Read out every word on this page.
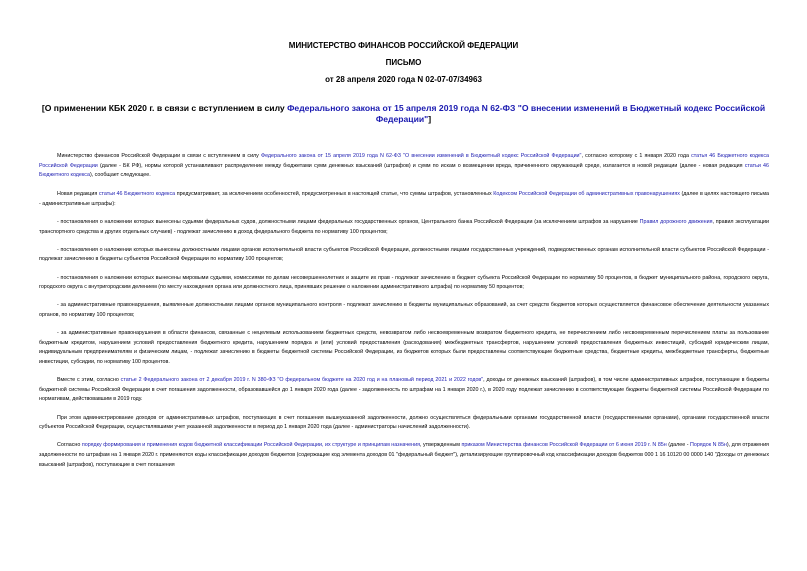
МИНИСТЕРСТВО ФИНАНСОВ РОССИЙСКОЙ ФЕДЕРАЦИИ
ПИСЬМО
от 28 апреля 2020 года N 02-07-07/34963
[О применении КБК 2020 г. в связи с вступлением в силу Федерального закона от 15 апреля 2019 года N 62-ФЗ "О внесении изменений в Бюджетный кодекс Российской Федерации"]

Министерство финансов Российской Федерации в связи с вступлением в силу Федерального закона от 15 апреля 2019 года N 62-ФЗ "О внесении изменений в Бюджетный кодекс Российской Федерации", согласно которому с 1 января 2020 года статья 46 Бюджетного кодекса Российской Федерации (далее - БК РФ), нормы которой устанавливают распределение между бюджетами сумм денежных взысканий (штрафов) и сумм по искам о возмещении вреда, причиненного окружающей среде, излагается в новой редакции (далее - новая редакция статьи 46 Бюджетного кодекса), сообщает следующее.

Новая редакция статьи 46 Бюджетного кодекса предусматривает, за исключением особенностей, предусмотренных в настоящей статье, что суммы штрафов, установленных Кодексом Российской Федерации об административных правонарушениях (далее в целях настоящего письма - административные штрафы):

- постановления о наложении которых вынесены судьями федеральных судов, должностными лицами федеральных государственных органов, Центрального банка Российской Федерации (за исключением штрафов за нарушение Правил дорожного движения, правил эксплуатации транспортного средства и других отдельных случаев) - подлежат зачислению в доход федерального бюджета по нормативу 100 процентов;

- постановления о наложении которых вынесены должностными лицами органов исполнительной власти субъектов Российской Федерации, должностными лицами государственных учреждений, подведомственных органам исполнительной власти субъектов Российской Федерации - подлежат зачислению в бюджеты субъектов Российской Федерации по нормативу 100 процентов;

- постановления о наложении которых вынесены мировыми судьями, комиссиями по делам несовершеннолетних и защите их прав - подлежат зачислению в бюджет субъекта Российской Федерации по нормативу 50 процентов, в бюджет муниципального района, городского округа, городского округа с внутригородским делением (по месту нахождения органа или должностного лица, принявших решение о наложении административного штрафа) по нормативу 50 процентов;

- за административные правонарушения, выявленные должностными лицами органов муниципального контроля - подлежат зачислению в бюджеты муниципальных образований, за счет средств бюджетов которых осуществляется финансовое обеспечение деятельности указанных органов, по нормативу 100 процентов;

- за административные правонарушения в области финансов, связанные с нецелевым использованием бюджетных средств, невозвратом либо несвоевременным возвратом бюджетного кредита, не перечислением либо несвоевременным перечислением платы за пользование бюджетным кредитом, нарушением условий предоставления бюджетного кредита, нарушением порядка и (или) условий предоставления (расходования) межбюджетных трансфертов, нарушением условий предоставления бюджетных инвестиций, субсидий юридическим лицам, индивидуальным предпринимателям и физическим лицам, - подлежат зачислению в бюджеты бюджетной системы Российской Федерации, из бюджетов которых были предоставлены соответствующие бюджетные средства, бюджетные кредиты, межбюджетные трансферты, бюджетные инвестиции, субсидии, по нормативу 100 процентов.

Вместе с этим, согласно статье 2 Федерального закона от 2 декабря 2019 г. N 380-ФЗ "О федеральном бюджете на 2020 год и на плановый период 2021 и 2022 годов", доходы от денежных взысканий (штрафов), в том числе административных штрафов, поступающие в бюджеты бюджетной системы Российской Федерации в счет погашения задолженности, образовавшейся до 1 января 2020 года (далее - задолженность по штрафам на 1 января 2020 г.), в 2020 году подлежат зачислению в соответствующие бюджеты бюджетной системы Российской Федерации по нормативам, действовавшим в 2019 году.

При этом администрирование доходов от административных штрафов, поступающих в счет погашения вышеуказанной задолженности, должно осуществляться федеральными органами государственной власти (государственными органами), органами государственной власти субъектов Российской Федерации, осуществлявшими учет указанной задолженности в период до 1 января 2020 года (далее - администраторы начислений задолженности).

Согласно порядку формирования и применения кодов бюджетной классификации Российской Федерации, их структуре и принципам назначения, утвержденным приказом Министерства финансов Российской Федерации от 6 июня 2019 г. N 85н (далее - Порядок N 85н), для отражения задолженности по штрафам на 1 января 2020 г. применяются коды классификации доходов бюджетов (содержащие код элемента доходов 01 "федеральный бюджет"), детализирующие группировочный код классификации доходов бюджетов 000 1 16 10120 00 0000 140 "Доходы от денежных взысканий (штрафов), поступающие в счет погашения
